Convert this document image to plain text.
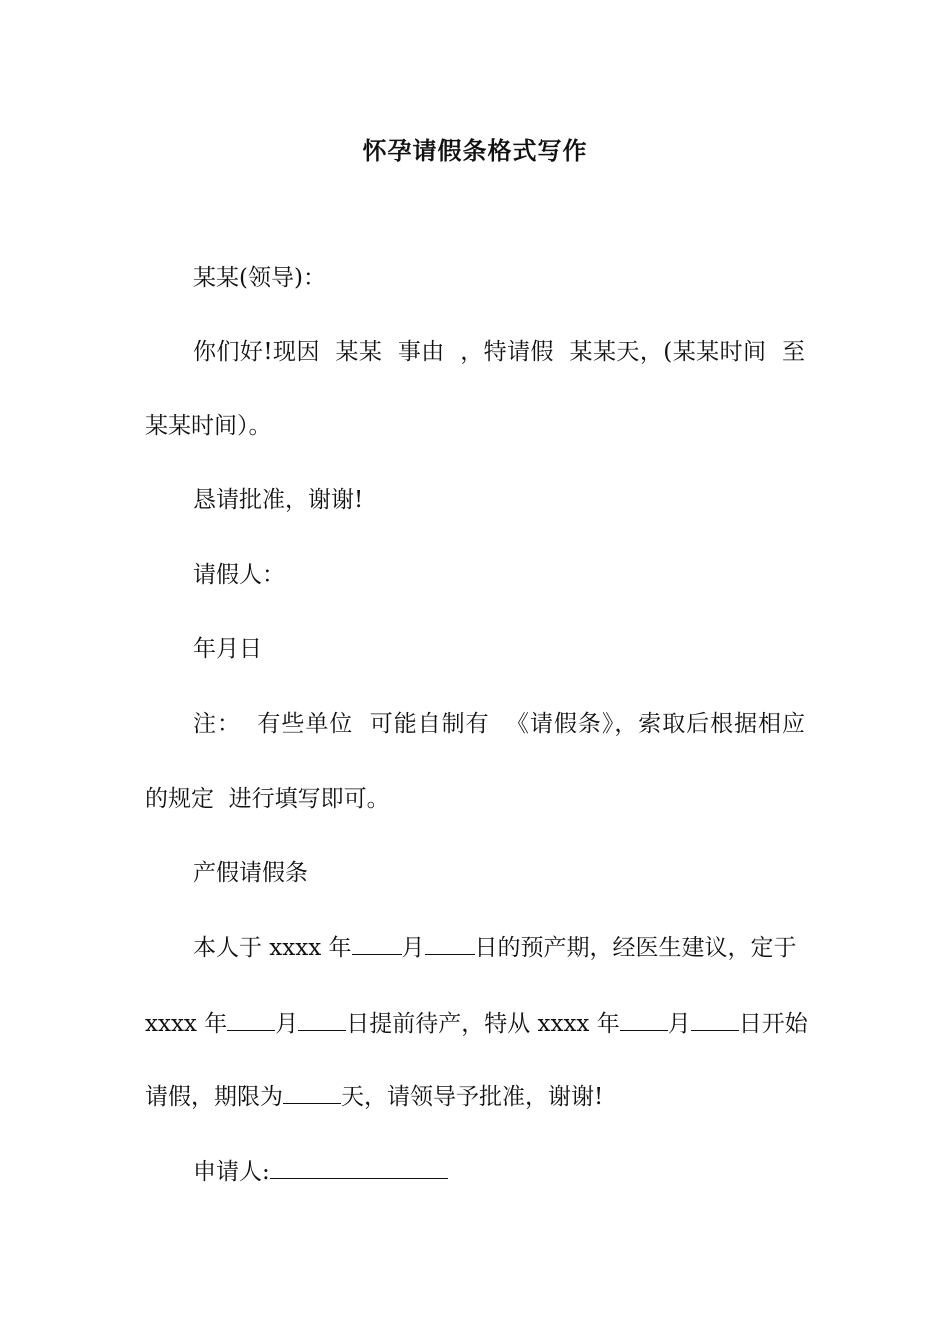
怀孕请假条格式写作
某某(领导)：
你们好!现因  某某  事由  ，特请假  某某天，(某某时间  至
某某时间）。
恳请批准，谢谢!
请假人：
年月日
注：  有些单位  可能自制有  《请假条》，索取后根据相应
的规定  进行填写即可。
产假请假条
本人于 xxxx 年 月 日的预产期，经医生建议，定于
xxxx 年 月 日提前待产，特从 xxxx 年 月 日开始
请假，期限为	天，请领导予批准，谢谢!
申请人:
